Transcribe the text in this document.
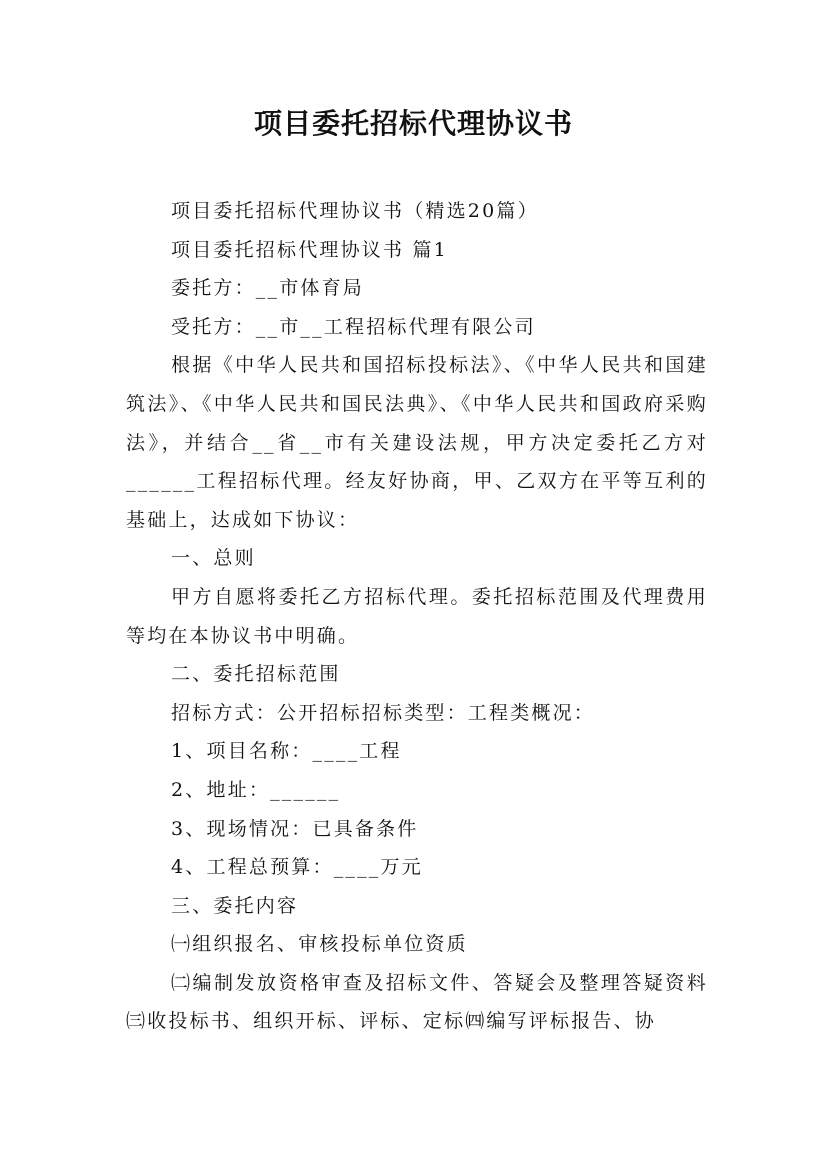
项目委托招标代理协议书

项目委托招标代理协议书（精选20篇）

项目委托招标代理协议书 篇1

委托方：__市体育局

受托方：__市__工程招标代理有限公司

根据《中华人民共和国招标投标法》、《中华人民共和国建筑法》、《中华人民共和国民法典》、《中华人民共和国政府采购法》，并结合__省__市有关建设法规，甲方决定委托乙方对______工程招标代理。经友好协商，甲、乙双方在平等互利的基础上，达成如下协议：

一、总则

甲方自愿将委托乙方招标代理。委托招标范围及代理费用等均在本协议书中明确。

二、委托招标范围

招标方式：公开招标招标类型：工程类概况：

1、项目名称：____工程

2、地址：______

3、现场情况：已具备条件

4、工程总预算：____万元

三、委托内容

㈠组织报名、审核投标单位资质

㈡编制发放资格审查及招标文件、答疑会及整理答疑资料㈢收投标书、组织开标、评标、定标㈣编写评标报告、协
